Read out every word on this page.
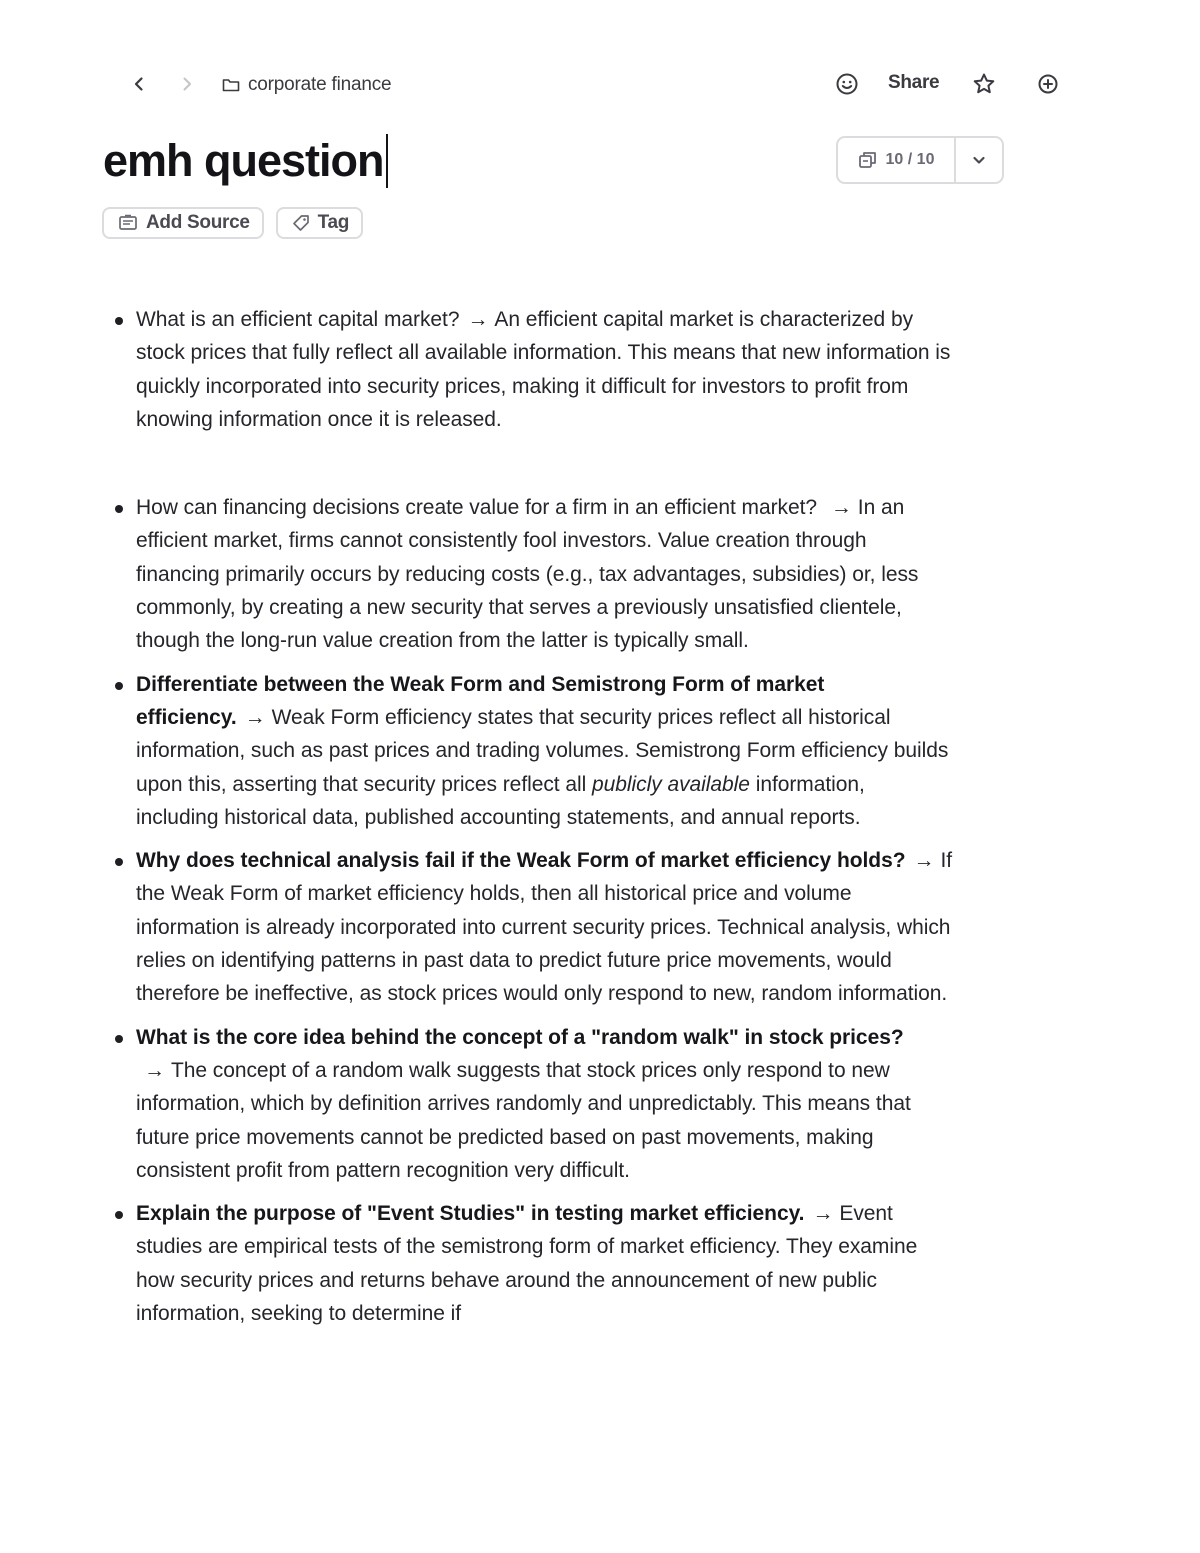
corporate finance	Share
emh question	10 / 10
Add Source	Tag
What is an efficient capital market? → An efficient capital market is characterized by stock prices that fully reflect all available information. This means that new information is quickly incorporated into security prices, making it difficult for investors to profit from knowing information once it is released.
How can financing decisions create value for a firm in an efficient market? → In an efficient market, firms cannot consistently fool investors. Value creation through financing primarily occurs by reducing costs (e.g., tax advantages, subsidies) or, less commonly, by creating a new security that serves a previously unsatisfied clientele, though the long-run value creation from the latter is typically small.
Differentiate between the Weak Form and Semistrong Form of market efficiency. → Weak Form efficiency states that security prices reflect all historical information, such as past prices and trading volumes. Semistrong Form efficiency builds upon this, asserting that security prices reflect all publicly available information, including historical data, published accounting statements, and annual reports.
Why does technical analysis fail if the Weak Form of market efficiency holds? → If the Weak Form of market efficiency holds, then all historical price and volume information is already incorporated into current security prices. Technical analysis, which relies on identifying patterns in past data to predict future price movements, would therefore be ineffective, as stock prices would only respond to new, random information.
What is the core idea behind the concept of a "random walk" in stock prices?→ The concept of a random walk suggests that stock prices only respond to new information, which by definition arrives randomly and unpredictably. This means that future price movements cannot be predicted based on past movements, making consistent profit from pattern recognition very difficult.
Explain the purpose of "Event Studies" in testing market efficiency. → Event studies are empirical tests of the semistrong form of market efficiency. They examine how security prices and returns behave around the announcement of new public information, seeking to determine if
